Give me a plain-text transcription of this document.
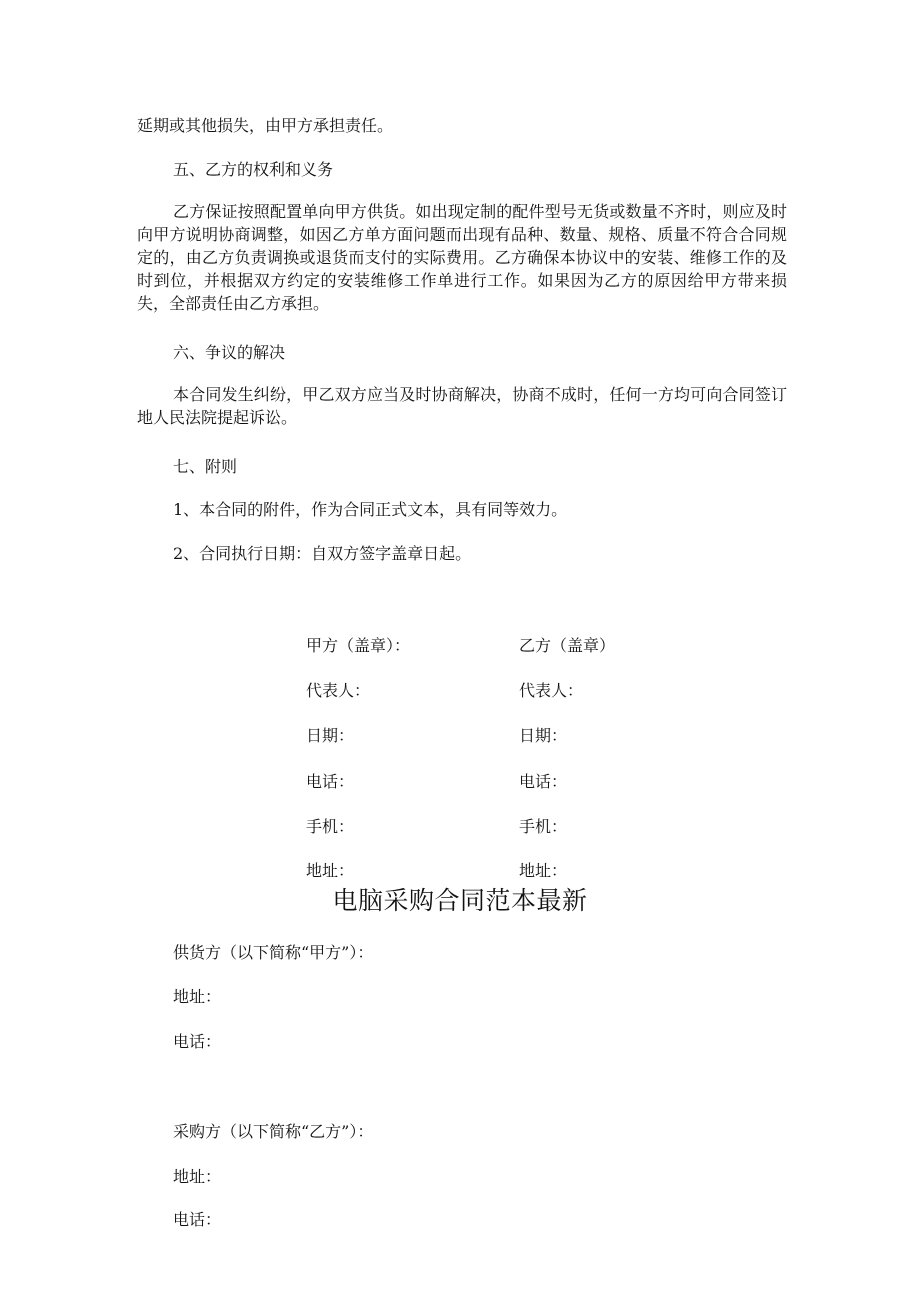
延期或其他损失，由甲方承担责任。
五、乙方的权利和义务
乙方保证按照配置单向甲方供货。如出现定制的配件型号无货或数量不齐时，则应及时向甲方说明协商调整，如因乙方单方面问题而出现有品种、数量、规格、质量不符合合同规定的，由乙方负责调换或退货而支付的实际费用。乙方确保本协议中的安装、维修工作的及时到位，并根据双方约定的安装维修工作单进行工作。如果因为乙方的原因给甲方带来损失，全部责任由乙方承担。
六、争议的解决
本合同发生纠纷，甲乙双方应当及时协商解决，协商不成时，任何一方均可向合同签订地人民法院提起诉讼。
七、附则
1、本合同的附件，作为合同正式文本，具有同等效力。
2、合同执行日期：自双方签字盖章日起。
甲方（盖章）：	乙方（盖章）
代表人：	代表人：
日期：	日期：
电话：	电话：
手机：	手机：
地址：	地址：
电脑采购合同范本最新
供货方（以下简称“甲方”）：
地址：
电话：
采购方（以下简称“乙方”）：
地址：
电话：
